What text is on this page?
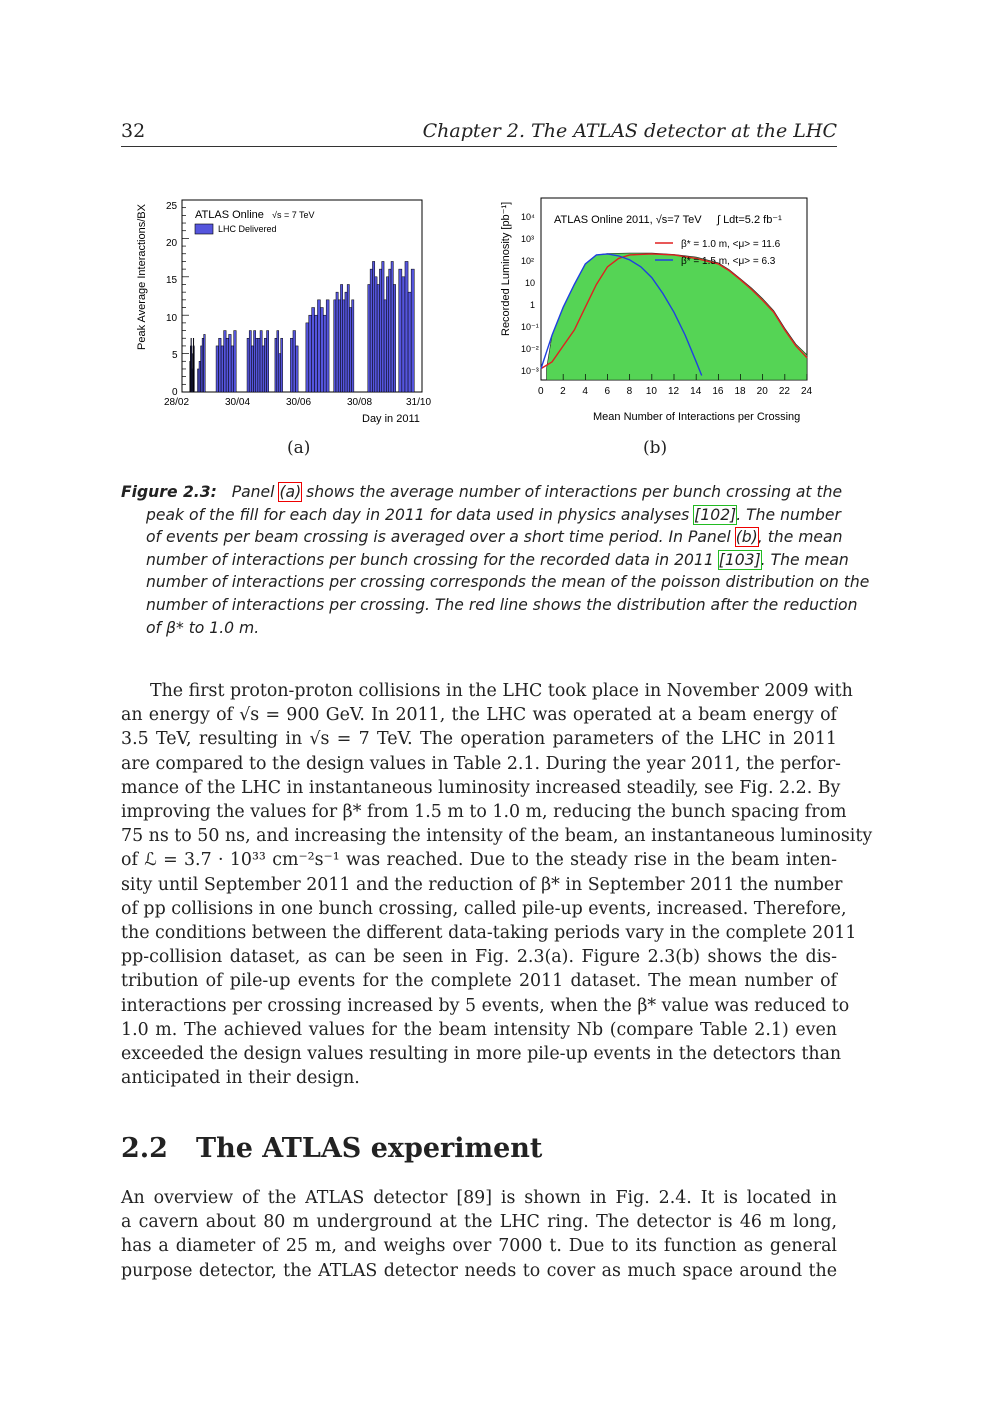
32	Chapter 2. The ATLAS detector at the LHC
Peak Average Interactions/BX
Day in 2011
ATLAS Online √s = 7 TeV
LHC Delivered
28/02	30/04	30/06	30/08	31/10
0
5
10
15
20
25
(a)
ATLAS Online 2011, √s=7 TeV ∫ Ldt=5.2 fb⁻¹
β* = 1.0 m, <μ> = 11.6
β* = 1.5 m, <μ> = 6.3
Recorded Luminosity [pb⁻¹]
Mean Number of Interactions per Crossing
0 2 4 6 8 10 12 14 16 18 20 22 24
10⁻³
10⁻²
10⁻¹
1
10
10²
10³
10⁴
(b)
Figure 2.3: Panel (a) shows the average number of interactions per bunch crossing at the
peak of the fill for each day in 2011 for data used in physics analyses [102]. The number
of events per beam crossing is averaged over a short time period. In Panel (b), the mean
number of interactions per bunch crossing for the recorded data in 2011 [103]. The mean
number of interactions per crossing corresponds the mean of the poisson distribution on the
number of interactions per crossing. The red line shows the distribution after the reduction
of β* to 1.0 m.
The first proton-proton collisions in the LHC took place in November 2009 with
an energy of √s = 900 GeV. In 2011, the LHC was operated at a beam energy of
3.5 TeV, resulting in √s = 7 TeV. The operation parameters of the LHC in 2011
are compared to the design values in Table 2.1. During the year 2011, the perfor-
mance of the LHC in instantaneous luminosity increased steadily, see Fig. 2.2. By
improving the values for β* from 1.5 m to 1.0 m, reducing the bunch spacing from
75 ns to 50 ns, and increasing the intensity of the beam, an instantaneous luminosity
of ℒ = 3.7 · 10³³ cm⁻²s⁻¹ was reached. Due to the steady rise in the beam inten-
sity until September 2011 and the reduction of β* in September 2011 the number
of pp collisions in one bunch crossing, called pile-up events, increased. Therefore,
the conditions between the different data-taking periods vary in the complete 2011
pp-collision dataset, as can be seen in Fig. 2.3(a). Figure 2.3(b) shows the dis-
tribution of pile-up events for the complete 2011 dataset. The mean number of
interactions per crossing increased by 5 events, when the β* value was reduced to
1.0 m. The achieved values for the beam intensity Nb (compare Table 2.1) even
exceeded the design values resulting in more pile-up events in the detectors than
anticipated in their design.
2.2 The ATLAS experiment
An overview of the ATLAS detector [89] is shown in Fig. 2.4. It is located in
a cavern about 80 m underground at the LHC ring. The detector is 46 m long,
has a diameter of 25 m, and weighs over 7000 t. Due to its function as general
purpose detector, the ATLAS detector needs to cover as much space around the
